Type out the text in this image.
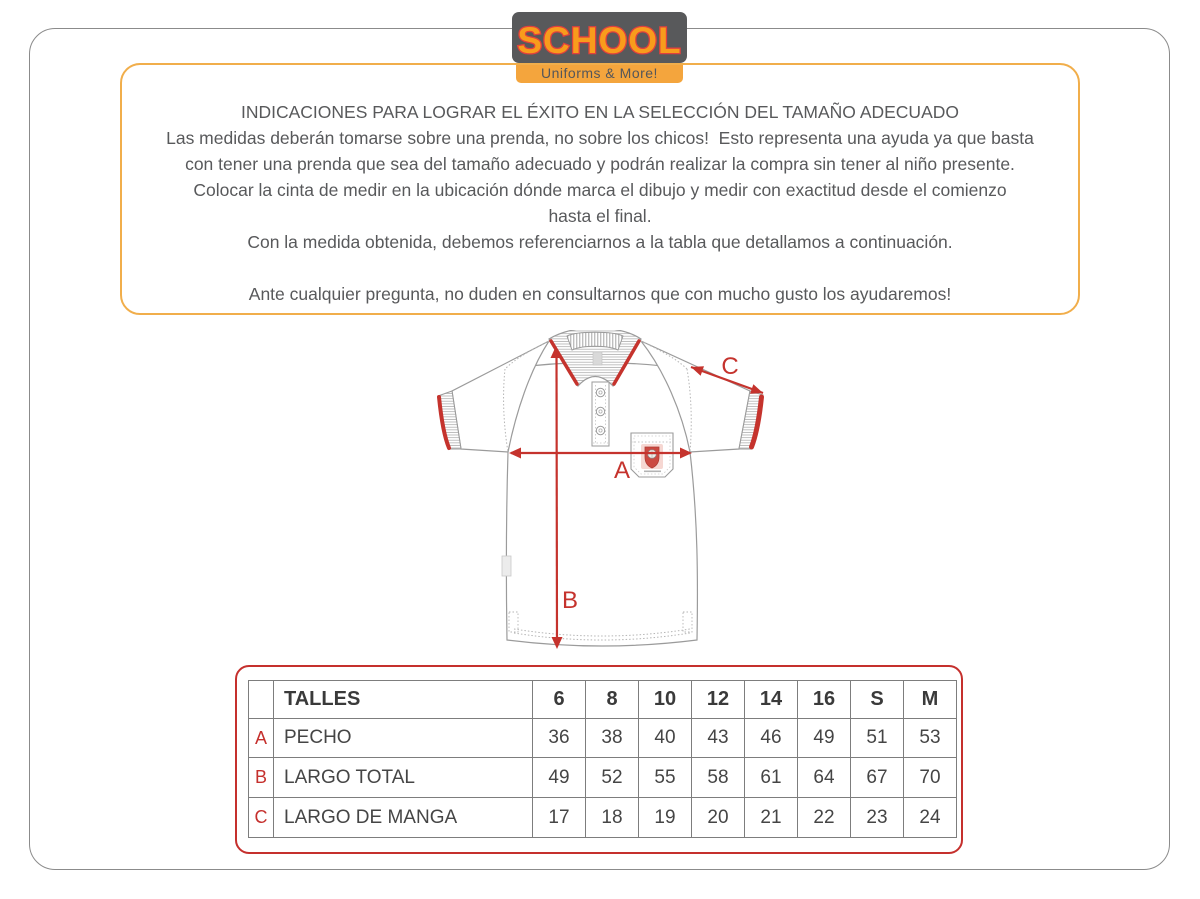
SCHOOL
Uniforms & More!
INDICACIONES PARA LOGRAR EL ÉXITO EN LA SELECCIÓN DEL TAMAÑO ADECUADO
Las medidas deberán tomarse sobre una prenda, no sobre los chicos!  Esto representa una ayuda ya que basta
con tener una prenda que sea del tamaño adecuado y podrán realizar la compra sin tener al niño presente.
Colocar la cinta de medir en la ubicación dónde marca el dibujo y medir con exactitud desde el comienzo
hasta el final.
Con la medida obtenida, debemos referenciarnos a la tabla que detallamos a continuación.
Ante cualquier pregunta, no duden en consultarnos que con mucho gusto los ayudaremos!
A
B
C
	TALLES	6	8	10	12	14	16	S	M
A	PECHO	36	38	40	43	46	49	51	53
B	LARGO TOTAL	49	52	55	58	61	64	67	70
C	LARGO DE MANGA	17	18	19	20	21	22	23	24
